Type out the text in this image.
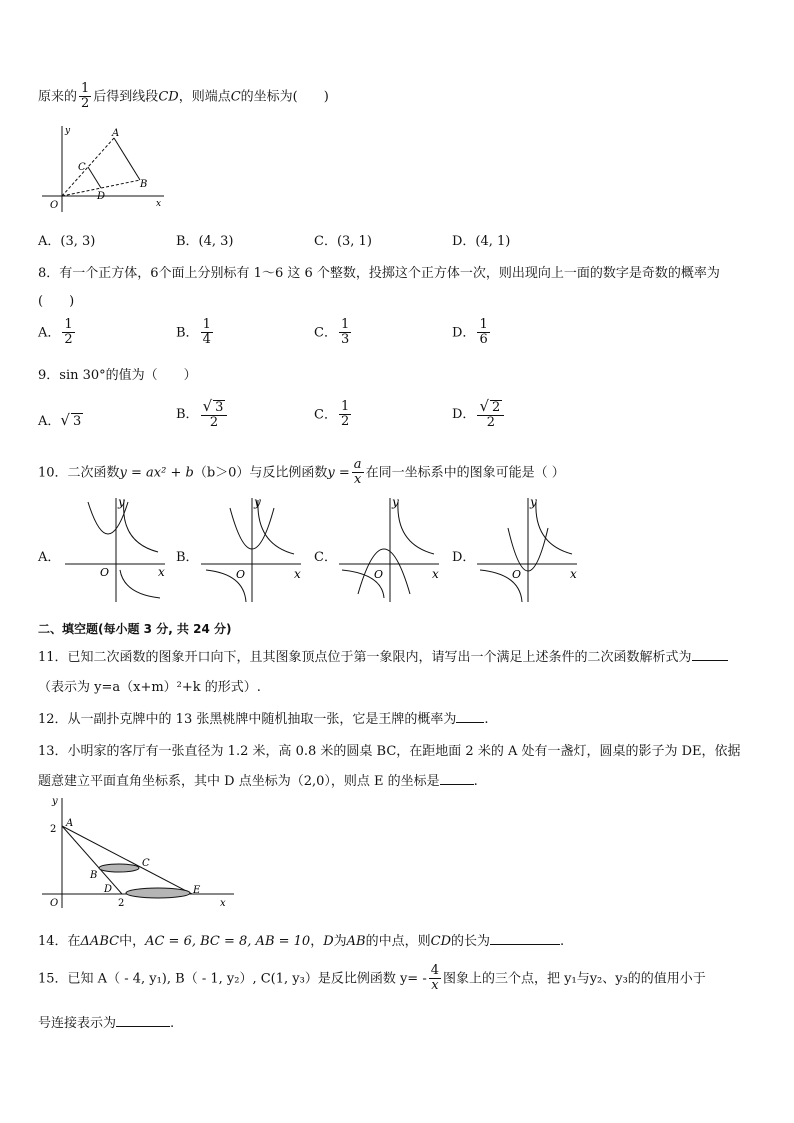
原来的 $\frac{1}{2}$ 后得到线段CD，则端点C的坐标为(　　)
A
B
C
D
O	x
y
A．(3, 3)	B．(4, 3)	C．(3, 1)	D．(4, 1)
8．有一个正方体，6个面上分别标有 1～6 这 6 个整数，投掷这个正方体一次，则出现向上一面的数字是奇数的概率为
(　　)
A． $\frac{1}{2}$	B． $\frac{1}{4}$	C． $\frac{1}{3}$	D． $\frac{1}{6}$
9．sin 30°的值为（　　）
A．√ 3	B． $\frac{√ 3}{2}$	C． $\frac{1}{2}$	D． $\frac{√ 2}{2}$
10．二次函数y = ax² + b（b＞0）与反比例函数$y = \frac{a}{x}$ 在同一坐标系中的图象可能是（ ）
A．
y
x
O
B．
y
x
O
C．
y
x
O
D．
y
x
O
二、填空题(每小题 3 分, 共 24 分)
11．已知二次函数的图象开口向下，且其图象顶点位于第一象限内，请写出一个满足上述条件的二次函数解析式为
（表示为 y=a（x+m）²+k 的形式）.
12．从一副扑克牌中的 13 张黑桃牌中随机抽取一张，它是王牌的概率为 .
13．小明家的客厅有一张直径为 1.2 米，高 0.8 米的圆桌 BC，在距地面 2 米的 A 处有一盏灯，圆桌的影子为 DE，依据
题意建立平面直角坐标系，其中 D 点坐标为（2,0），则点 E 的坐标是	.
y
2
A
C
B
D	E
O	2	x
14．在ΔABC中，AC = 6, BC = 8, AB = 10，D为AB的中点，则CD的长为	.
15．已知 A（ - 4, y₁), B（ - 1, y₂）, C(1, y₃）是反比例函数 $y= - \frac{4}{x}$ 图象上的三个点，把 y₁与y₂、y₃的的值用小于
号连接表示为	.
